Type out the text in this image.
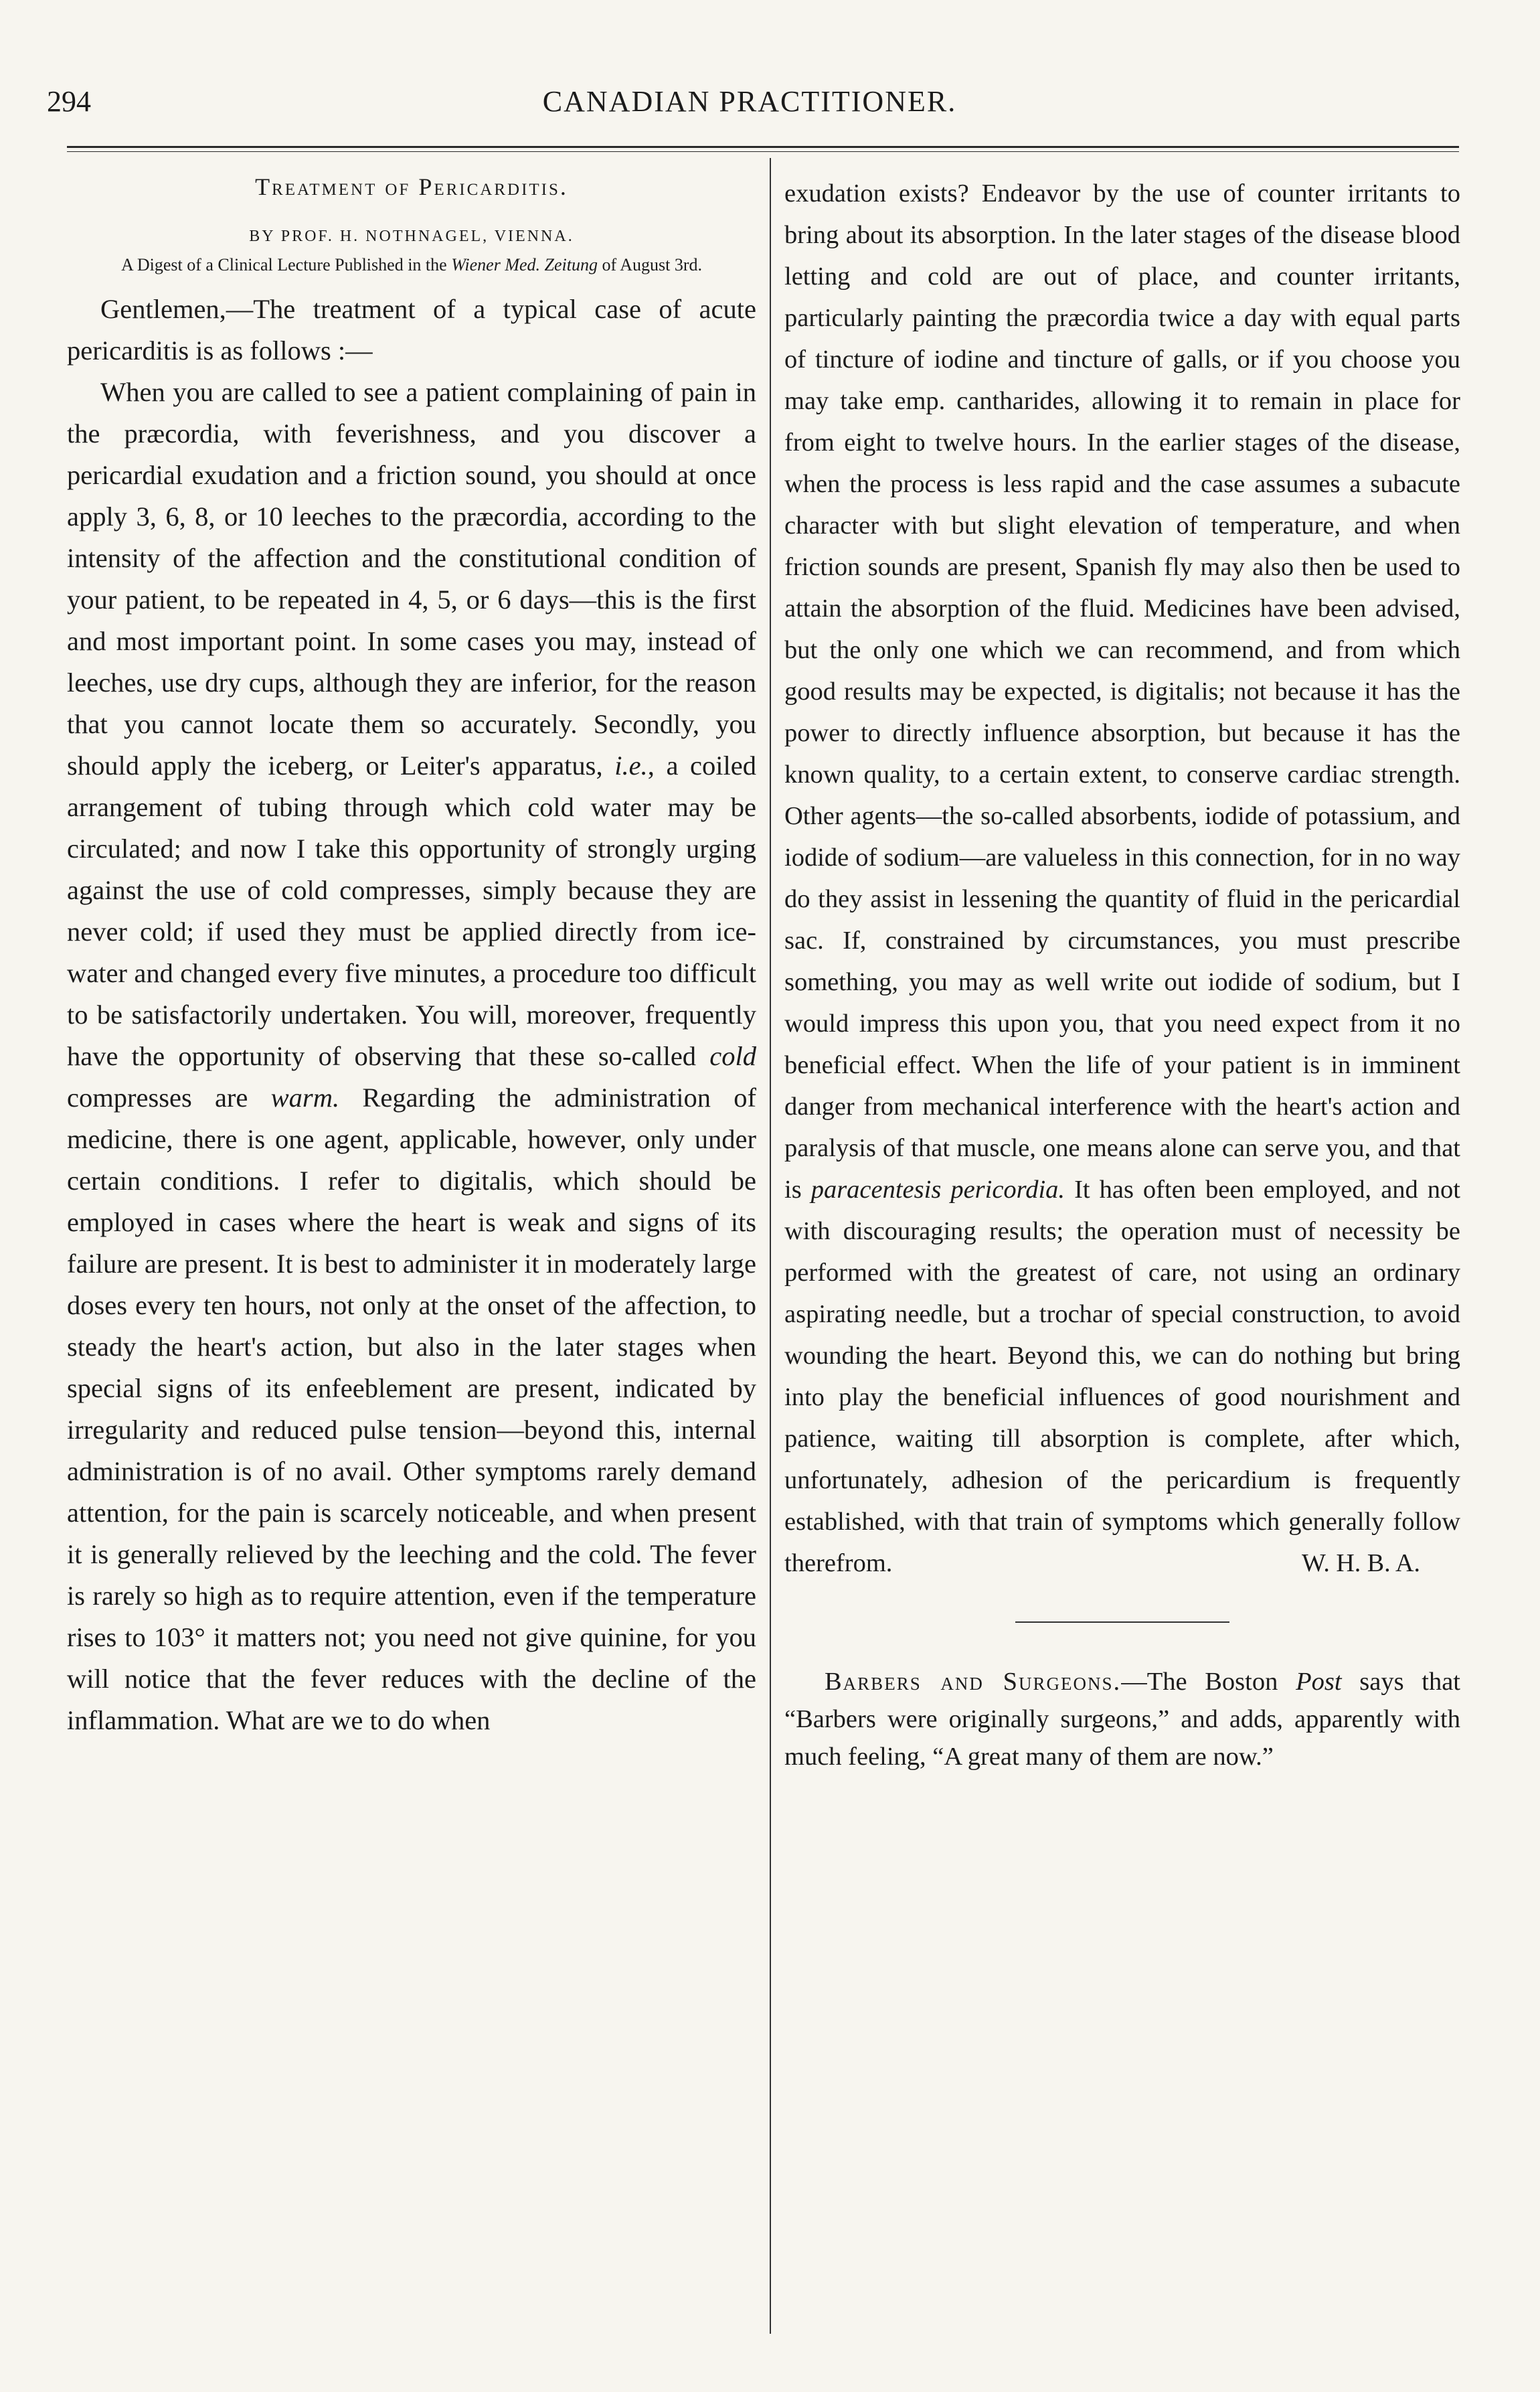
294	CANADIAN PRACTITIONER.
Treatment of Pericarditis.
BY PROF. H. NOTHNAGEL, VIENNA.
A Digest of a Clinical Lecture Published in the Wiener Med. Zeitung of August 3rd.

Gentlemen,—The treatment of a typical case of acute pericarditis is as follows :—

When you are called to see a patient complaining of pain in the præcordia, with feverishness, and you discover a pericardial exudation and a friction sound, you should at once apply 3, 6, 8, or 10 leeches to the præcordia, according to the intensity of the affection and the constitutional condition of your patient, to be repeated in 4, 5, or 6 days—this is the first and most important point. In some cases you may, instead of leeches, use dry cups, although they are inferior, for the reason that you cannot locate them so accurately. Secondly, you should apply the iceberg, or Leiter's apparatus, i.e., a coiled arrangement of tubing through which cold water may be circulated; and now I take this opportunity of strongly urging against the use of cold compresses, simply because they are never cold; if used they must be applied directly from ice-water and changed every five minutes, a procedure too difficult to be satisfactorily undertaken. You will, moreover, frequently have the opportunity of observing that these so-called cold compresses are warm. Regarding the administration of medicine, there is one agent, applicable, however, only under certain conditions. I refer to digitalis, which should be employed in cases where the heart is weak and signs of its failure are present. It is best to administer it in moderately large doses every ten hours, not only at the onset of the affection, to steady the heart's action, but also in the later stages when special signs of its enfeeblement are present, indicated by irregularity and reduced pulse tension—beyond this, internal administration is of no avail. Other symptoms rarely demand attention, for the pain is scarcely noticeable, and when present it is generally relieved by the leeching and the cold. The fever is rarely so high as to require attention, even if the temperature rises to 103° it matters not; you need not give quinine, for you will notice that the fever reduces with the decline of the inflammation. What are we to do when

exudation exists? Endeavor by the use of counter irritants to bring about its absorption. In the later stages of the disease blood letting and cold are out of place, and counter irritants, particularly painting the præcordia twice a day with equal parts of tincture of iodine and tincture of galls, or if you choose you may take emp. cantharides, allowing it to remain in place for from eight to twelve hours. In the earlier stages of the disease, when the process is less rapid and the case assumes a subacute character with but slight elevation of temperature, and when friction sounds are present, Spanish fly may also then be used to attain the absorption of the fluid. Medicines have been advised, but the only one which we can recommend, and from which good results may be expected, is digitalis; not because it has the power to directly influence absorption, but because it has the known quality, to a certain extent, to conserve cardiac strength. Other agents—the so-called absorbents, iodide of potassium, and iodide of sodium—are valueless in this connection, for in no way do they assist in lessening the quantity of fluid in the pericardial sac. If, constrained by circumstances, you must prescribe something, you may as well write out iodide of sodium, but I would impress this upon you, that you need expect from it no beneficial effect. When the life of your patient is in imminent danger from mechanical interference with the heart's action and paralysis of that muscle, one means alone can serve you, and that is paracentesis pericordia. It has often been employed, and not with discouraging results; the operation must of necessity be performed with the greatest of care, not using an ordinary aspirating needle, but a trochar of special construction, to avoid wounding the heart. Beyond this, we can do nothing but bring into play the beneficial influences of good nourishment and patience, waiting till absorption is complete, after which, unfortunately, adhesion of the pericardium is frequently established, with that train of symptoms which generally follow therefrom.	W. H. B. A.

Barbers and Surgeons.—The Boston Post says that “Barbers were originally surgeons,” and adds, apparently with much feeling, “A great many of them are now.”
